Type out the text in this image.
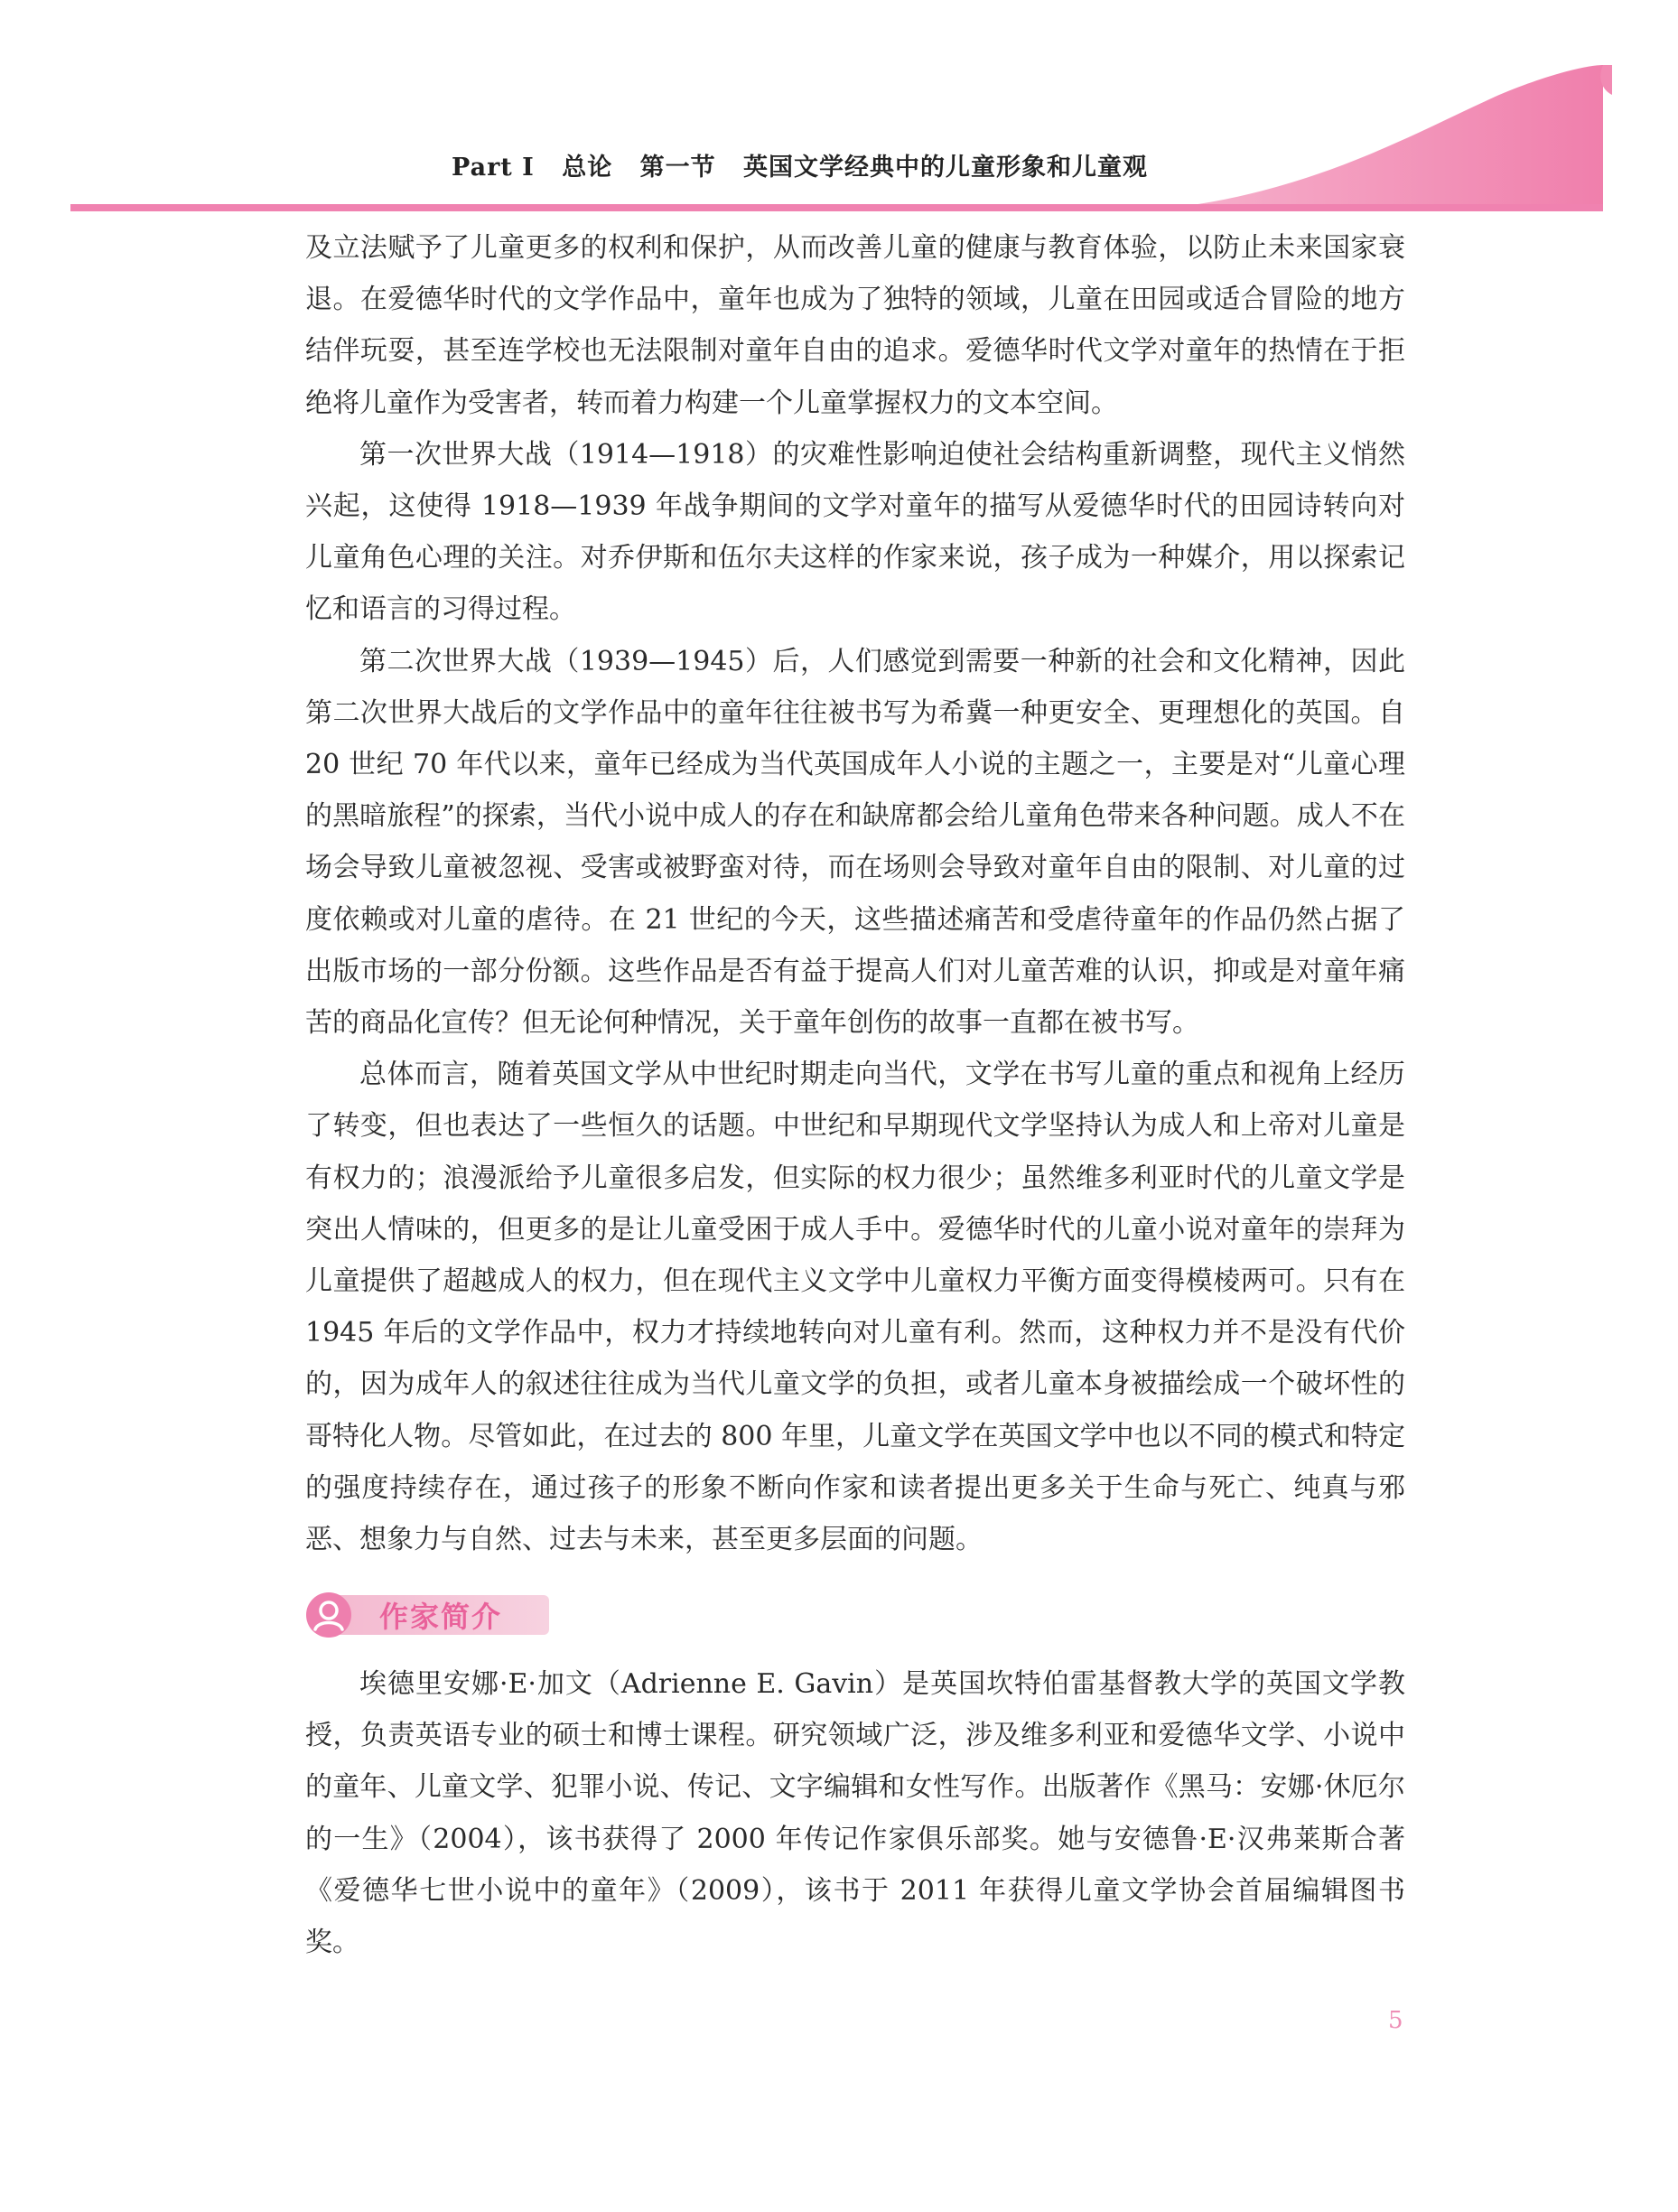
Part I 总论 第一节 英国文学经典中的儿童形象和儿童观

及立法赋予了儿童更多的权利和保护，从而改善儿童的健康与教育体验，以防止未来国家衰退。在爱德华时代的文学作品中，童年也成为了独特的领域，儿童在田园或适合冒险的地方结伴玩耍，甚至连学校也无法限制对童年自由的追求。爱德华时代文学对童年的热情在于拒绝将儿童作为受害者，转而着力构建一个儿童掌握权力的文本空间。

第一次世界大战（1914—1918）的灾难性影响迫使社会结构重新调整，现代主义悄然兴起，这使得 1918—1939 年战争期间的文学对童年的描写从爱德华时代的田园诗转向对儿童角色心理的关注。对乔伊斯和伍尔夫这样的作家来说，孩子成为一种媒介，用以探索记忆和语言的习得过程。

第二次世界大战（1939—1945）后，人们感觉到需要一种新的社会和文化精神，因此第二次世界大战后的文学作品中的童年往往被书写为希冀一种更安全、更理想化的英国。自 20 世纪 70 年代以来，童年已经成为当代英国成年人小说的主题之一，主要是对“儿童心理的黑暗旅程”的探索，当代小说中成人的存在和缺席都会给儿童角色带来各种问题。成人不在场会导致儿童被忽视、受害或被野蛮对待，而在场则会导致对童年自由的限制、对儿童的过度依赖或对儿童的虐待。在 21 世纪的今天，这些描述痛苦和受虐待童年的作品仍然占据了出版市场的一部分份额。这些作品是否有益于提高人们对儿童苦难的认识，抑或是对童年痛苦的商品化宣传？但无论何种情况，关于童年创伤的故事一直都在被书写。

总体而言，随着英国文学从中世纪时期走向当代，文学在书写儿童的重点和视角上经历了转变，但也表达了一些恒久的话题。中世纪和早期现代文学坚持认为成人和上帝对儿童是有权力的；浪漫派给予儿童很多启发，但实际的权力很少；虽然维多利亚时代的儿童文学是突出人情味的，但更多的是让儿童受困于成人手中。爱德华时代的儿童小说对童年的崇拜为儿童提供了超越成人的权力，但在现代主义文学中儿童权力平衡方面变得模棱两可。只有在 1945 年后的文学作品中，权力才持续地转向对儿童有利。然而，这种权力并不是没有代价的，因为成年人的叙述往往成为当代儿童文学的负担，或者儿童本身被描绘成一个破坏性的哥特化人物。尽管如此，在过去的 800 年里，儿童文学在英国文学中也以不同的模式和特定的强度持续存在，通过孩子的形象不断向作家和读者提出更多关于生命与死亡、纯真与邪恶、想象力与自然、过去与未来，甚至更多层面的问题。

作家简介

埃德里安娜·E·加文（Adrienne E. Gavin）是英国坎特伯雷基督教大学的英国文学教授，负责英语专业的硕士和博士课程。研究领域广泛，涉及维多利亚和爱德华文学、小说中的童年、儿童文学、犯罪小说、传记、文字编辑和女性写作。出版著作《黑马：安娜·休厄尔的一生》（2004），该书获得了 2000 年传记作家俱乐部奖。她与安德鲁·E·汉弗莱斯合著《爱德华七世小说中的童年》（2009），该书于 2011 年获得儿童文学协会首届编辑图书奖。

5
